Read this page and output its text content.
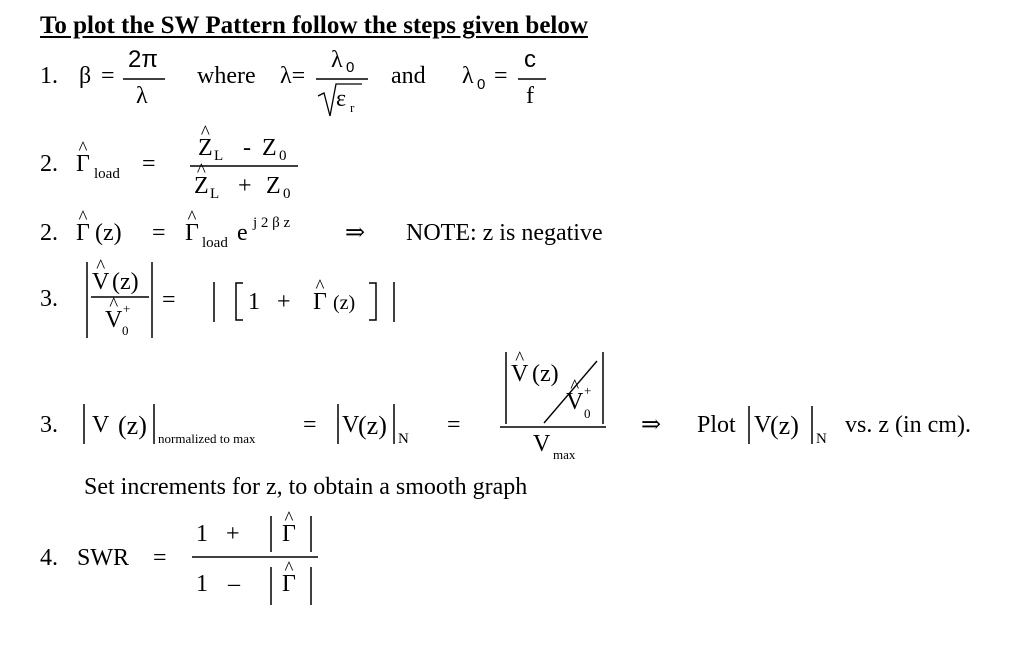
To plot the SW Pattern follow the steps given below
1. β =
2π
λ
where λ=
λ 0
ε r
and λ 0 =
c
f
2. ^ Γ load =
^ Z L - Z 0
^ Z L + Z 0
2. ^ Γ (z) = ^ Γ load e j 2 β z ⇒ NOTE: z is negative
3.
^ V (z)
^ V 0
+ =	1 + ^ Γ (z)
3. V (z) normalized to max
= V
(z) N
=
^ V (z)
^ V 0
+
V max
⇒ Plot V
(z) N
vs. z (in cm).
Set increments for z, to obtain a smooth graph
4. SWR =
1 + ^ Γ
1 – ^ Γ
